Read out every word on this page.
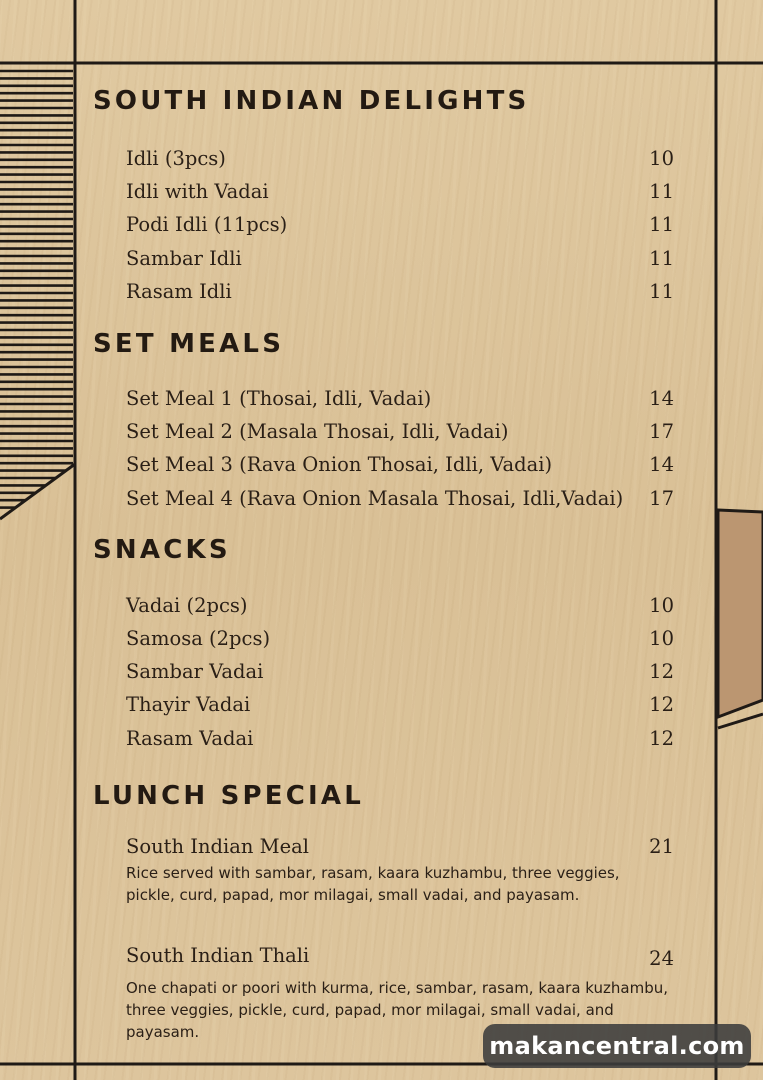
SOUTH INDIAN DELIGHTS
Idli (3pcs)	10
Idli with Vadai	11
Podi Idli (11pcs)	11
Sambar Idli	11
Rasam Idli	11
SET MEALS
Set Meal 1 (Thosai, Idli, Vadai)	14
Set Meal 2 (Masala Thosai, Idli, Vadai)	17
Set Meal 3 (Rava Onion Thosai, Idli, Vadai)	14
Set Meal 4 (Rava Onion Masala Thosai, Idli,Vadai) 17
SNACKS
Vadai (2pcs)	10
Samosa (2pcs)	10
Sambar Vadai	12
Thayir Vadai	12
Rasam Vadai	12
LUNCH SPECIAL
South Indian Meal	21

Rice served with sambar, rasam, kaara kuzhambu, three veggies, pickle, curd, papad, mor milagai, small vadai, and payasam.

South Indian Thali	24

One chapati or poori with kurma, rice, sambar, rasam, kaara kuzhambu, three veggies, pickle, curd, papad, mor milagai, small vadai, and payasam.	makancentral.com
